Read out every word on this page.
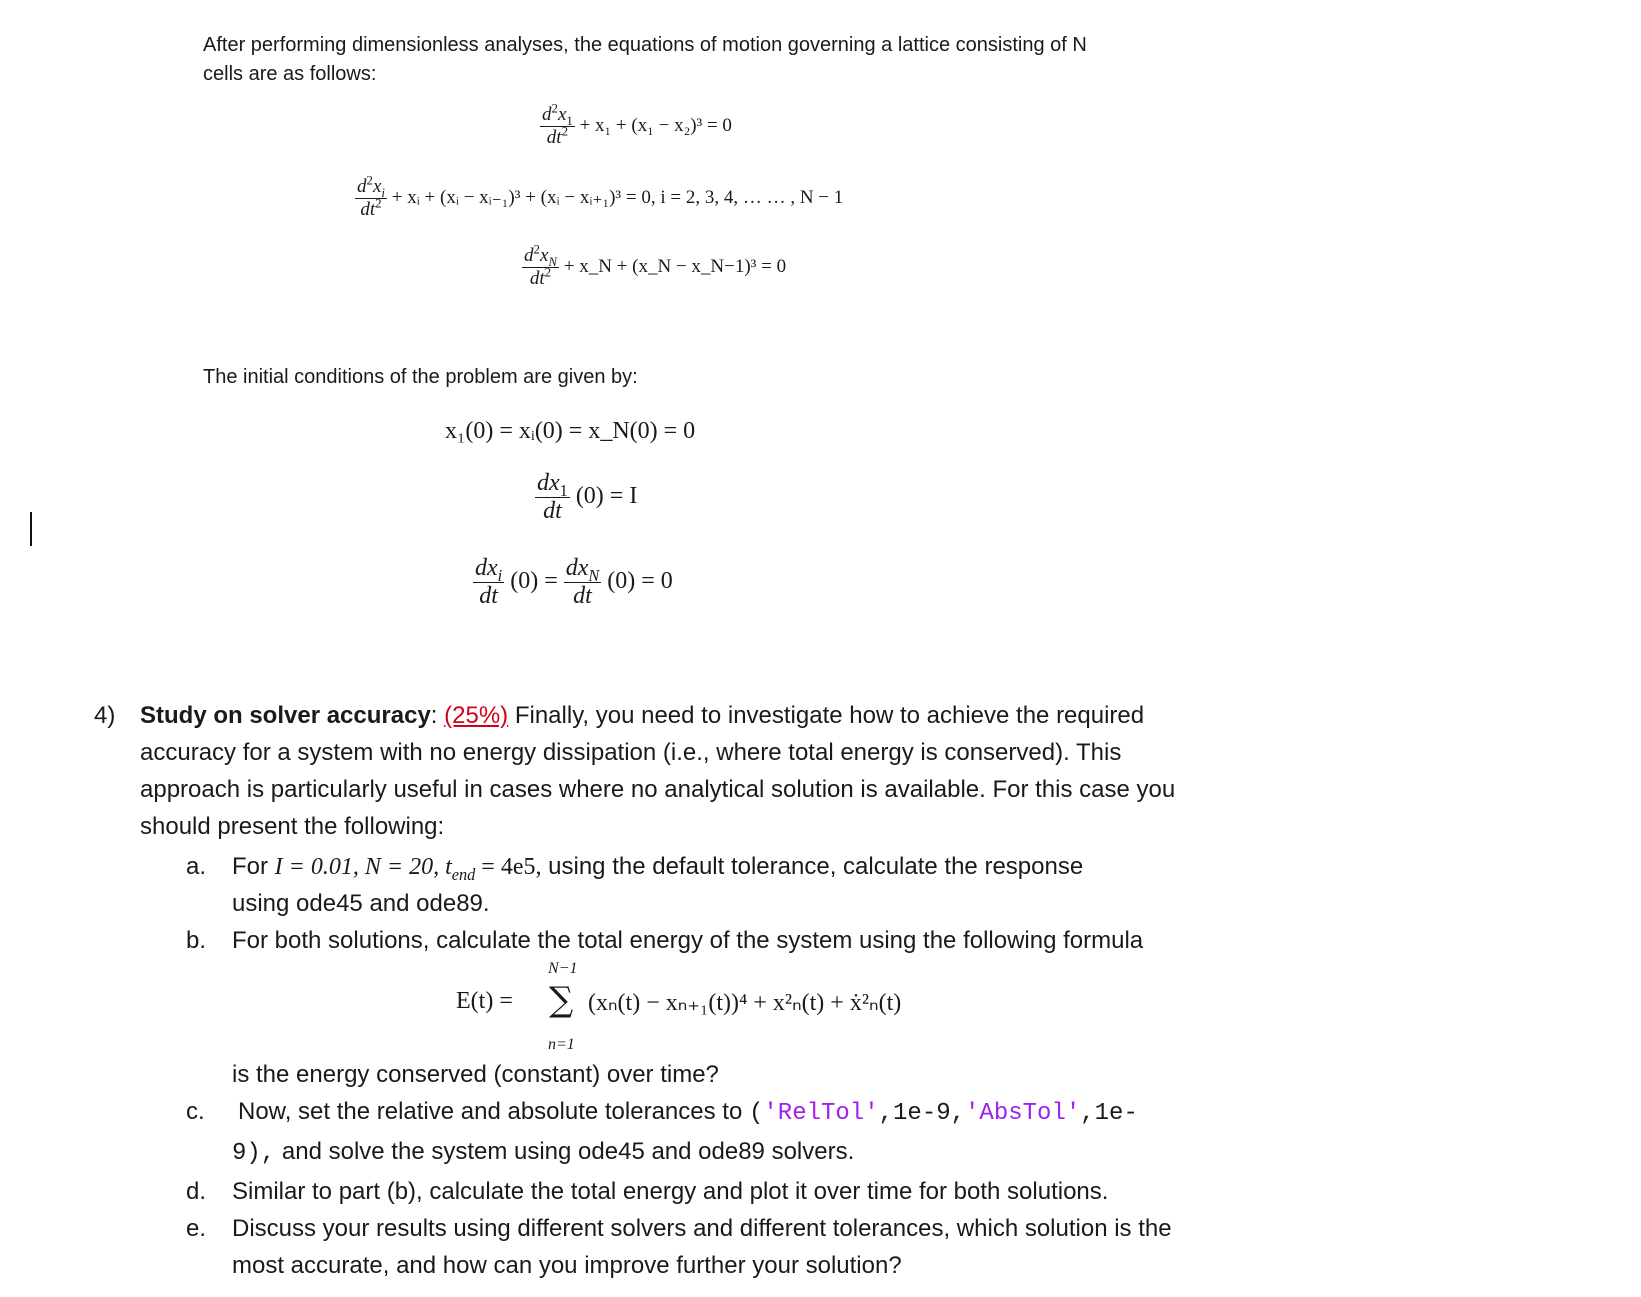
After performing dimensionless analyses, the equations of motion governing a lattice consisting of N
cells are as follows:
$\frac{d^2x_1}{dt^2} + x_1 + (x_1 - x_2)^3 = 0$
$\frac{d^2x_i}{dt^2}$ + xᵢ + (xᵢ − xᵢ₋₁)³ + (xᵢ − xᵢ₊₁)³ = 0, i = 2, 3, 4, … … , N − 1
$\frac{d^2x_N}{dt^2}$ + x_N + (x_N − x_N−1)³ = 0
The initial conditions of the problem are given by:
x₁(0) = xᵢ(0) = x_N(0) = 0
$\frac{dx_1}{dt} (0) = I$
$\frac{dx_i}{dt} (0) = \frac{dx_N}{dt} (0) = 0$
4) Study on solver accuracy: (25%) Finally, you need to investigate how to achieve the required
accuracy for a system with no energy dissipation (i.e., where total energy is conserved). This
approach is particularly useful in cases where no analytical solution is available. For this case you
should present the following:
a. For I = 0.01, N = 20, $t_{end} = 4e5$, using the default tolerance, calculate the response
using ode45 and ode89.
b. For both solutions, calculate the total energy of the system using the following formula
N−1
E(t) = ∑ (xₙ(t) − xₙ₊₁(t))⁴ + x²ₙ(t) + ẋ²ₙ(t)
n=1
is the energy conserved (constant) over time?
c. Now, set the relative and absolute tolerances to ('RelTol',1e-9,'AbsTol',1e-
9), and solve the system using ode45 and ode89 solvers.
d. Similar to part (b), calculate the total energy and plot it over time for both solutions.
e. Discuss your results using different solvers and different tolerances, which solution is the
most accurate, and how can you improve further your solution?
